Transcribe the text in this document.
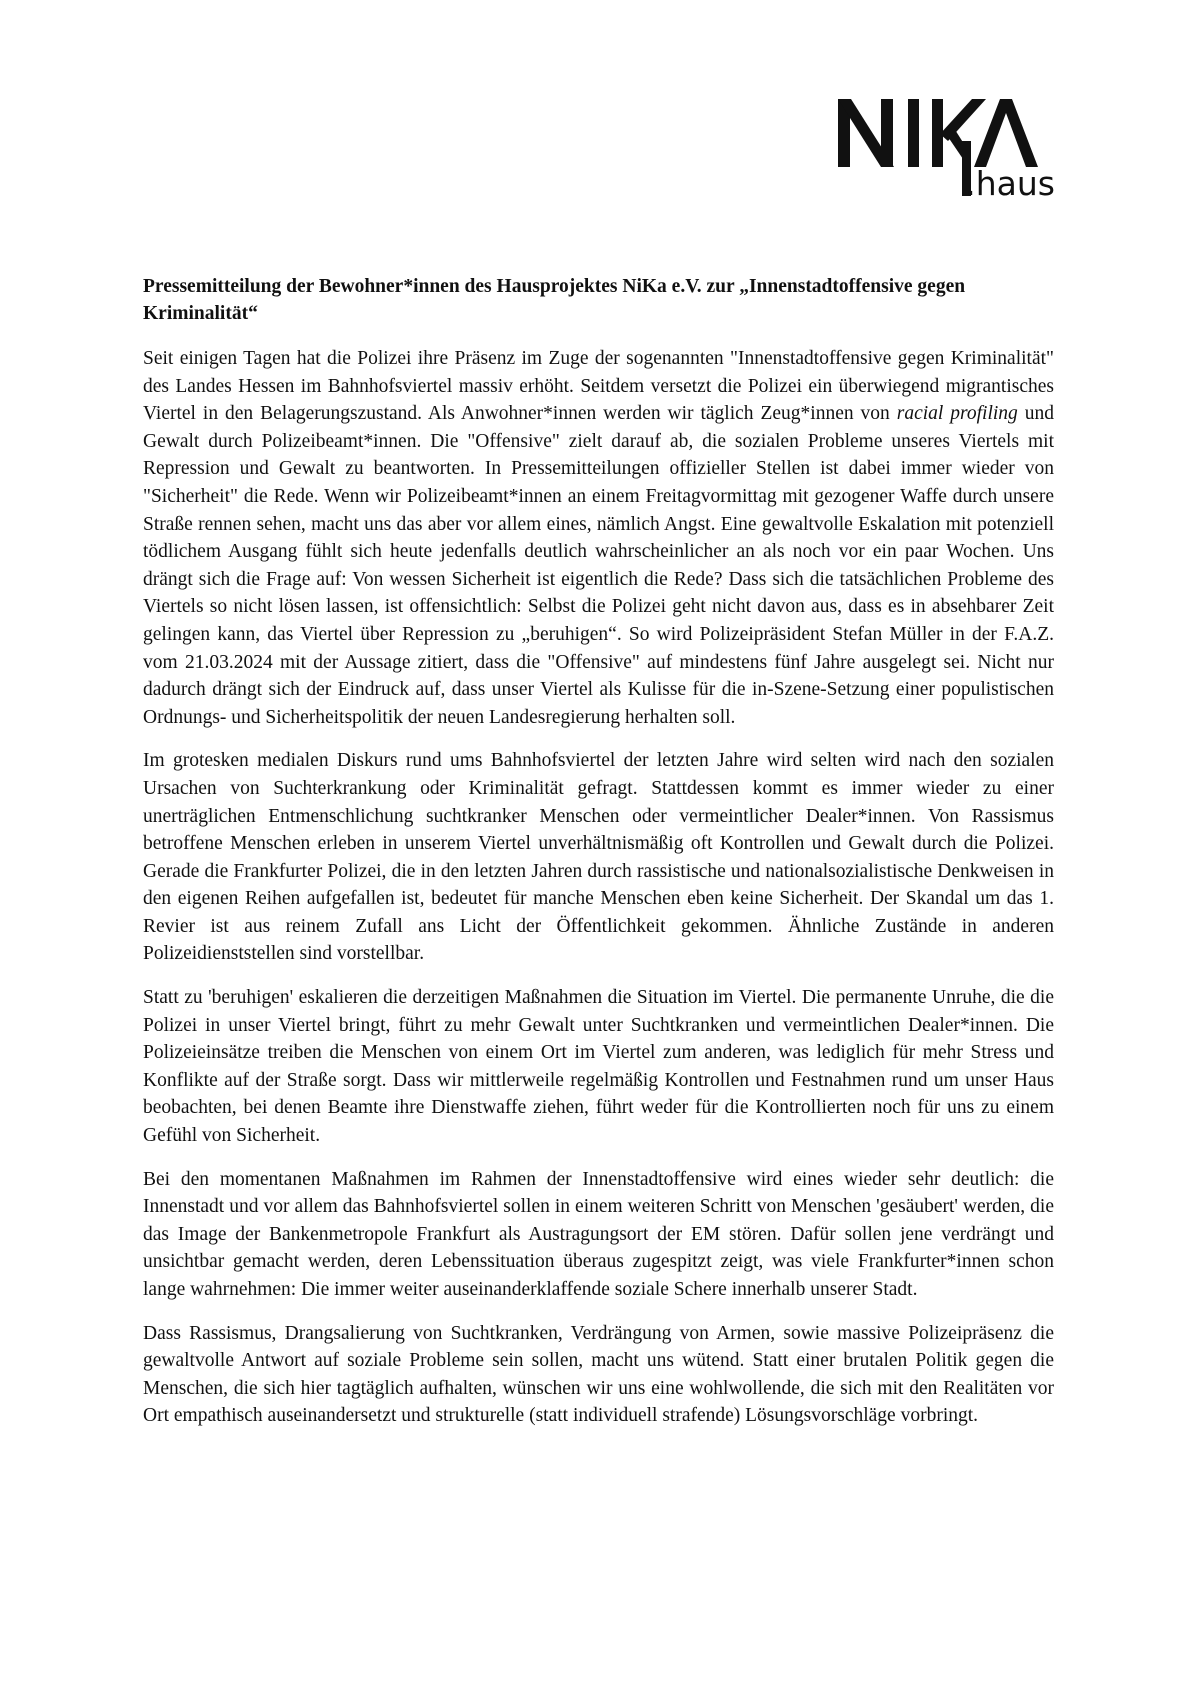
.haus
Pressemitteilung der Bewohner*innen des Hausprojektes NiKa e.V. zur „Innenstadtoffensive gegen Kriminalität“

Seit einigen Tagen hat die Polizei ihre Präsenz im Zuge der sogenannten "Innenstadtoffensive gegen Kriminalität" des Landes Hessen im Bahnhofsviertel massiv erhöht. Seitdem versetzt die Polizei ein überwiegend migrantisches Viertel in den Belagerungszustand. Als Anwohner*innen werden wir täglich Zeug*innen von racial profiling und Gewalt durch Polizeibeamt*innen. Die "Offensive" zielt darauf ab, die sozialen Probleme unseres Viertels mit Repression und Gewalt zu beantworten. In Pressemitteilungen offizieller Stellen ist dabei immer wieder von "Sicherheit" die Rede. Wenn wir Polizeibeamt*innen an einem Freitagvormittag mit gezogener Waffe durch unsere Straße rennen sehen, macht uns das aber vor allem eines, nämlich Angst. Eine gewaltvolle Eskalation mit potenziell tödlichem Ausgang fühlt sich heute jedenfalls deutlich wahrscheinlicher an als noch vor ein paar Wochen. Uns drängt sich die Frage auf: Von wessen Sicherheit ist eigentlich die Rede? Dass sich die tatsächlichen Probleme des Viertels so nicht lösen lassen, ist offensichtlich: Selbst die Polizei geht nicht davon aus, dass es in absehbarer Zeit gelingen kann, das Viertel über Repression zu „beruhigen“. So wird Polizeipräsident Stefan Müller in der F.A.Z. vom 21.03.2024 mit der Aussage zitiert, dass die "Offensive" auf mindestens fünf Jahre ausgelegt sei. Nicht nur dadurch drängt sich der Eindruck auf, dass unser Viertel als Kulisse für die in-Szene-Setzung einer populistischen Ordnungs- und Sicherheitspolitik der neuen Landesregierung herhalten soll.

Im grotesken medialen Diskurs rund ums Bahnhofsviertel der letzten Jahre wird selten wird nach den sozialen Ursachen von Suchterkrankung oder Kriminalität gefragt. Stattdessen kommt es immer wieder zu einer unerträglichen Entmenschlichung suchtkranker Menschen oder vermeintlicher Dealer*innen. Von Rassismus betroffene Menschen erleben in unserem Viertel unverhältnismäßig oft Kontrollen und Gewalt durch die Polizei. Gerade die Frankfurter Polizei, die in den letzten Jahren durch rassistische und nationalsozialistische Denkweisen in den eigenen Reihen aufgefallen ist, bedeutet für manche Menschen eben keine Sicherheit. Der Skandal um das 1. Revier ist aus reinem Zufall ans Licht der Öffentlichkeit gekommen. Ähnliche Zustände in anderen Polizeidienststellen sind vorstellbar.

Statt zu 'beruhigen' eskalieren die derzeitigen Maßnahmen die Situation im Viertel. Die permanente Unruhe, die die Polizei in unser Viertel bringt, führt zu mehr Gewalt unter Suchtkranken und vermeintlichen Dealer*innen. Die Polizeieinsätze treiben die Menschen von einem Ort im Viertel zum anderen, was lediglich für mehr Stress und Konflikte auf der Straße sorgt. Dass wir mittlerweile regelmäßig Kontrollen und Festnahmen rund um unser Haus beobachten, bei denen Beamte ihre Dienstwaffe ziehen, führt weder für die Kontrollierten noch für uns zu einem Gefühl von Sicherheit.

Bei den momentanen Maßnahmen im Rahmen der Innenstadtoffensive wird eines wieder sehr deutlich: die Innenstadt und vor allem das Bahnhofsviertel sollen in einem weiteren Schritt von Menschen 'gesäubert' werden, die das Image der Bankenmetropole Frankfurt als Austragungsort der EM stören. Dafür sollen jene verdrängt und unsichtbar gemacht werden, deren Lebenssituation überaus zugespitzt zeigt, was viele Frankfurter*innen schon lange wahrnehmen: Die immer weiter auseinanderklaffende soziale Schere innerhalb unserer Stadt.

Dass Rassismus, Drangsalierung von Suchtkranken, Verdrängung von Armen, sowie massive Polizeipräsenz die gewaltvolle Antwort auf soziale Probleme sein sollen, macht uns wütend. Statt einer brutalen Politik gegen die Menschen, die sich hier tagtäglich aufhalten, wünschen wir uns eine wohlwollende, die sich mit den Realitäten vor Ort empathisch auseinandersetzt und strukturelle (statt individuell strafende) Lösungsvorschläge vorbringt.
